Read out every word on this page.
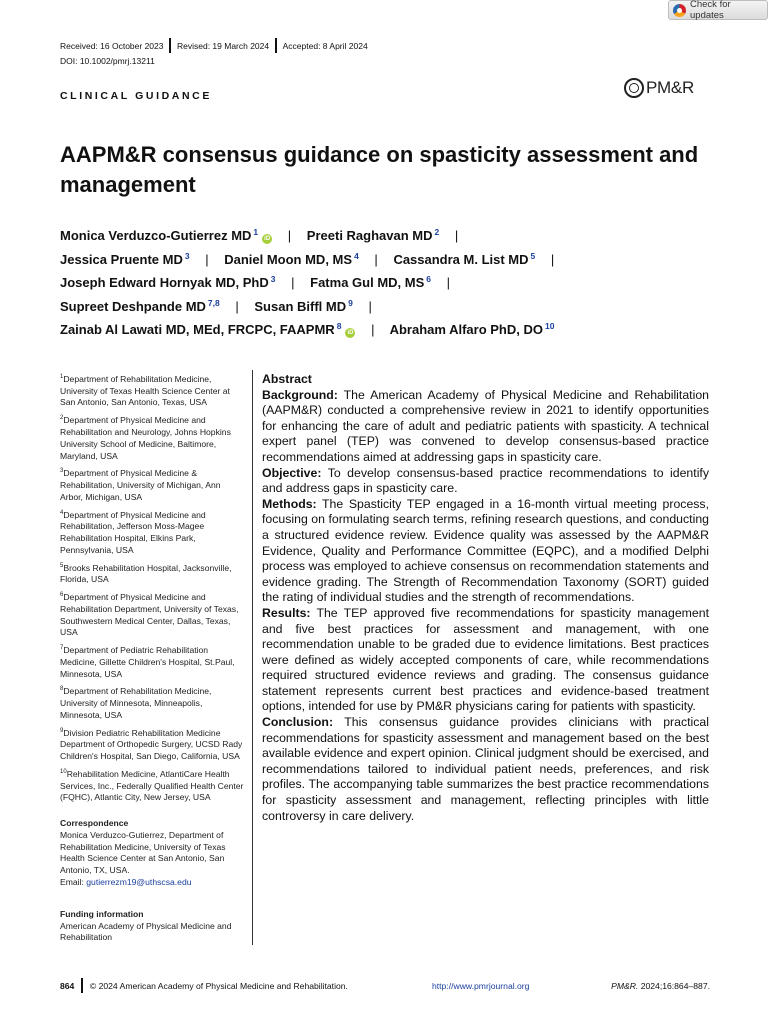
Check for updates
Received: 16 October 2023 Revised: 19 March 2024 Accepted: 8 April 2024
DOI: 10.1002/pmrj.13211
CLINICAL GUIDANCE	PM&R
AAPM&R consensus guidance on spasticity assessment and management
Monica Verduzco-Gutierrez MD $^1$iD | Preeti Raghavan MD $^2$ |
Jessica Pruente MD $^3$ | Daniel Moon MD, MS $^4$ | Cassandra M. List MD $^5$ |
Joseph Edward Hornyak MD, PhD $^3$ | Fatma Gul MD, MS $^6$ |
Supreet Deshpande MD $^{7,8}$ | Susan Biffl MD $^9$ |
Zainab Al Lawati MD, MEd, FRCPC, FAAPMR $^8$iD | Abraham Alfaro PhD, DO $^{10}$
$^1$Department of Rehabilitation Medicine, University of Texas Health Science Center at San Antonio, San Antonio, Texas, USA
$^2$Department of Physical Medicine and Rehabilitation and Neurology, Johns Hopkins University School of Medicine, Baltimore, Maryland, USA
$^3$Department of Physical Medicine & Rehabilitation, University of Michigan, Ann Arbor, Michigan, USA
$^4$Department of Physical Medicine and Rehabilitation, Jefferson Moss-Magee Rehabilitation Hospital, Elkins Park, Pennsylvania, USA
$^5$Brooks Rehabilitation Hospital, Jacksonville, Florida, USA
$^6$Department of Physical Medicine and Rehabilitation Department, University of Texas, Southwestern Medical Center, Dallas, Texas, USA
$^7$Department of Pediatric Rehabilitation Medicine, Gillette Children's Hospital, St.Paul, Minnesota, USA
$^8$Department of Rehabilitation Medicine, University of Minnesota, Minneapolis, Minnesota, USA
$^9$Division Pediatric Rehabilitation Medicine Department of Orthopedic Surgery, UCSD Rady Children's Hospital, San Diego, California, USA
$^{10}$Rehabilitation Medicine, AtlantiCare Health Services, Inc., Federally Qualified Health Center (FQHC), Atlantic City, New Jersey, USA
Correspondence
Monica Verduzco-Gutierrez, Department of Rehabilitation Medicine, University of Texas Health Science Center at San Antonio, San Antonio, TX, USA.
Email: gutierrezm19@uthscsa.edu
Funding information
American Academy of Physical Medicine and Rehabilitation
Abstract

Background: The American Academy of Physical Medicine and Rehabilitation (AAPM&R) conducted a comprehensive review in 2021 to identify opportunities for enhancing the care of adult and pediatric patients with spasticity. A technical expert panel (TEP) was convened to develop consensus-based practice recommendations aimed at addressing gaps in spasticity care.

Objective: To develop consensus-based practice recommendations to identify and address gaps in spasticity care.

Methods: The Spasticity TEP engaged in a 16-month virtual meeting process, focusing on formulating search terms, refining research questions, and conducting a structured evidence review. Evidence quality was assessed by the AAPM&R Evidence, Quality and Performance Committee (EQPC), and a modified Delphi process was employed to achieve consensus on recommendation statements and evidence grading. The Strength of Recommendation Taxonomy (SORT) guided the rating of individual studies and the strength of recommendations.

Results: The TEP approved five recommendations for spasticity management and five best practices for assessment and management, with one recommendation unable to be graded due to evidence limitations. Best practices were defined as widely accepted components of care, while recommendations required structured evidence reviews and grading. The consensus guidance statement represents current best practices and evidence-based treatment options, intended for use by PM&R physicians caring for patients with spasticity.

Conclusion: This consensus guidance provides clinicians with practical recommendations for spasticity assessment and management based on the best available evidence and expert opinion. Clinical judgment should be exercised, and recommendations tailored to individual patient needs, preferences, and risk profiles. The accompanying table summarizes the best practice recommendations for spasticity assessment and management, reflecting principles with little controversy in care delivery.

864 © 2024 American Academy of Physical Medicine and Rehabilitation.	http://www.pmrjournal.org	PM&R. 2024;16:864–887.
